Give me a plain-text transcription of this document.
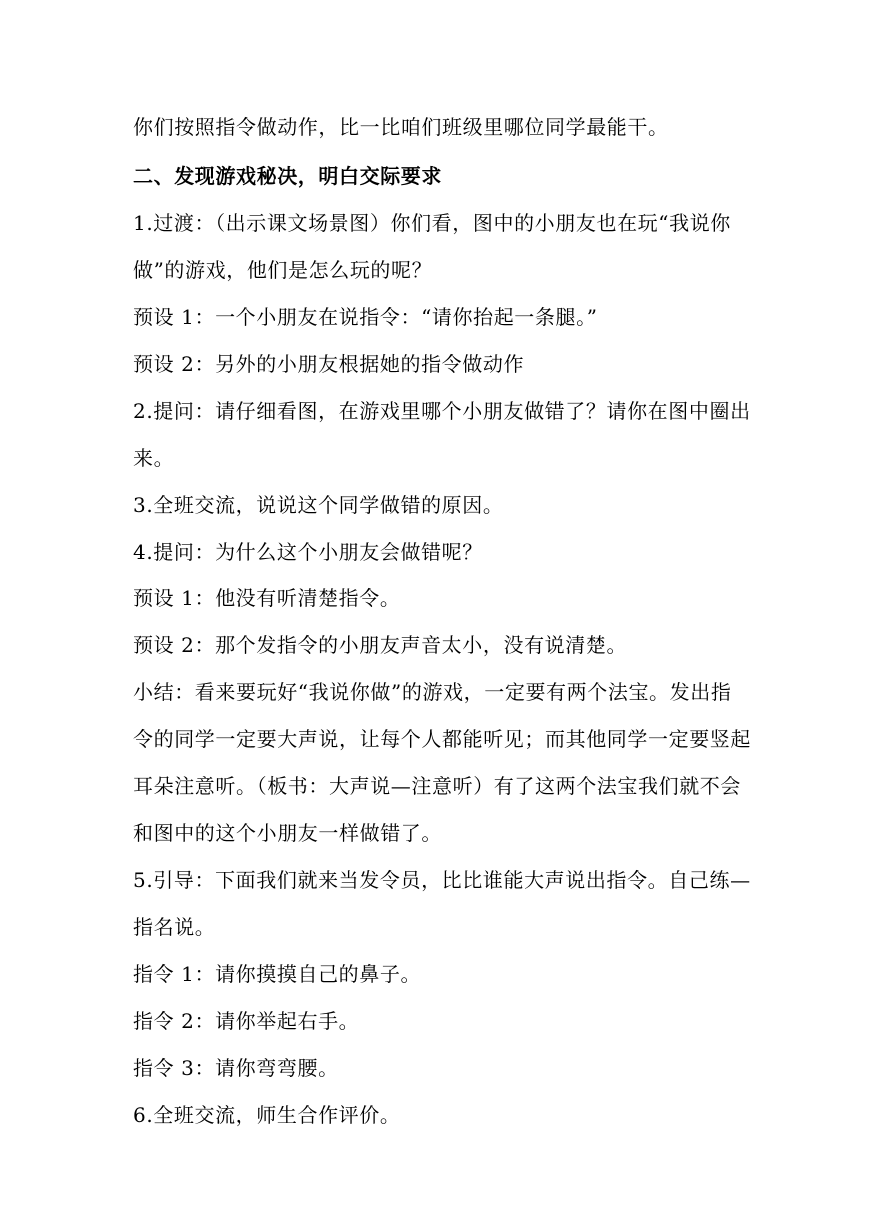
你们按照指令做动作，比一比咱们班级里哪位同学最能干。
二、发现游戏秘决，明白交际要求
1.过渡：（出示课文场景图）你们看，图中的小朋友也在玩“我说你
做”的游戏，他们是怎么玩的呢？
预设 1：一个小朋友在说指令：“请你抬起一条腿。”
预设 2：另外的小朋友根据她的指令做动作
2.提问：请仔细看图，在游戏里哪个小朋友做错了？请你在图中圈出
来。
3.全班交流，说说这个同学做错的原因。
4.提问：为什么这个小朋友会做错呢？
预设 1：他没有听清楚指令。
预设 2：那个发指令的小朋友声音太小，没有说清楚。
小结：看来要玩好“我说你做”的游戏，一定要有两个法宝。发出指
令的同学一定要大声说，让每个人都能听见；而其他同学一定要竖起
耳朵注意听。（板书：大声说—注意听）有了这两个法宝我们就不会
和图中的这个小朋友一样做错了。
5.引导：下面我们就来当发令员，比比谁能大声说出指令。自己练—
指名说。
指令 1：请你摸摸自己的鼻子。
指令 2：请你举起右手。
指令 3：请你弯弯腰。
6.全班交流，师生合作评价。
